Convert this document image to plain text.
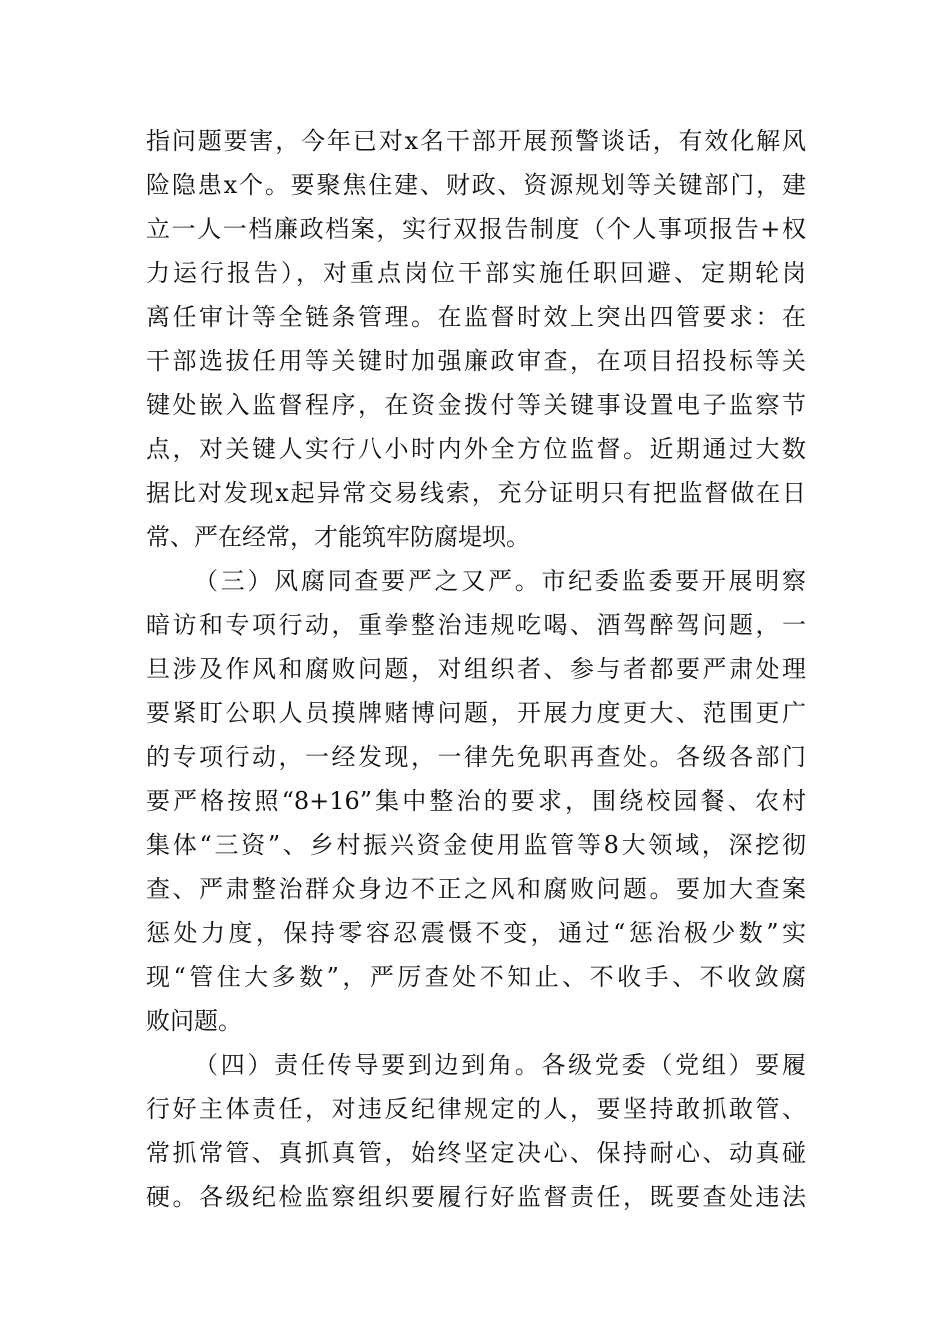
指问题要害，今年已对x名干部开展预警谈话，有效化解风
险隐患x个。要聚焦住建、财政、资源规划等关键部门，建
立一人一档廉政档案，实行双报告制度（个人事项报告+权
力运行报告），对重点岗位干部实施任职回避、定期轮岗
离任审计等全链条管理。在监督时效上突出四管要求：在
干部选拔任用等关键时加强廉政审查，在项目招投标等关
键处嵌入监督程序，在资金拨付等关键事设置电子监察节
点，对关键人实行八小时内外全方位监督。近期通过大数
据比对发现x起异常交易线索，充分证明只有把监督做在日
常、严在经常，才能筑牢防腐堤坝。
（三）风腐同查要严之又严。市纪委监委要开展明察
暗访和专项行动，重拳整治违规吃喝、酒驾醉驾问题，一
旦涉及作风和腐败问题，对组织者、参与者都要严肃处理
要紧盯公职人员摸牌赌博问题，开展力度更大、范围更广
的专项行动，一经发现，一律先免职再查处。各级各部门
要严格按照“8+16”集中整治的要求，围绕校园餐、农村
集体“三资”、乡村振兴资金使用监管等8大领域，深挖彻
查、严肃整治群众身边不正之风和腐败问题。要加大查案
惩处力度，保持零容忍震慑不变，通过“惩治极少数”实
现“管住大多数”，严厉查处不知止、不收手、不收敛腐
败问题。
（四）责任传导要到边到角。各级党委（党组）要履
行好主体责任，对违反纪律规定的人，要坚持敢抓敢管、
常抓常管、真抓真管，始终坚定决心、保持耐心、动真碰
硬。各级纪检监察组织要履行好监督责任，既要查处违法
